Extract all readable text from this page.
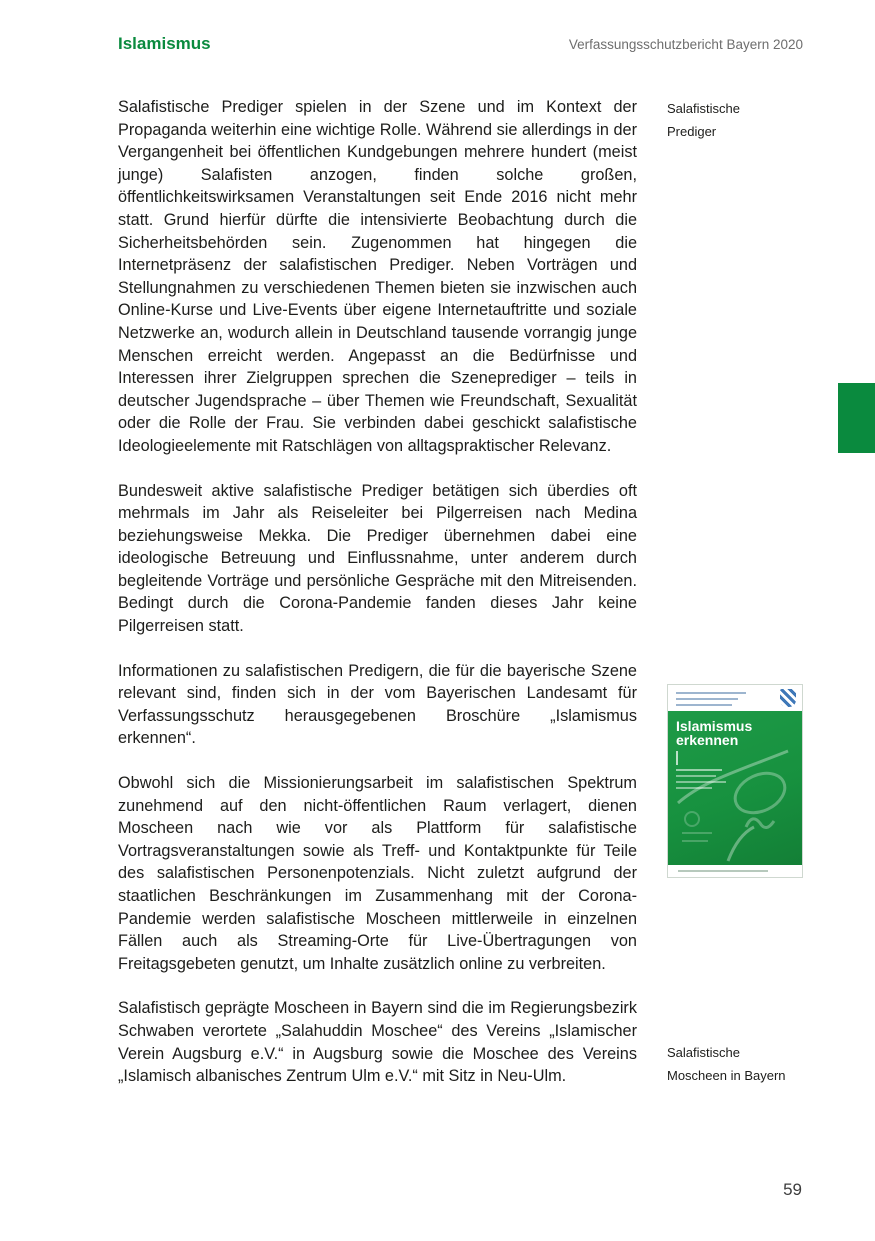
Islamismus	Verfassungsschutzbericht Bayern 2020

Salafistische Prediger spielen in der Szene und im Kontext der Propaganda weiterhin eine wichtige Rolle. Während sie allerdings in der Vergangenheit bei öffentlichen Kundgebungen mehrere hundert (meist junge) Salafisten anzogen, finden solche großen, öffentlichkeitswirksamen Veranstaltungen seit Ende 2016 nicht mehr statt. Grund hierfür dürfte die intensivierte Beobachtung durch die Sicherheitsbehörden sein. Zugenommen hat hingegen die Internetpräsenz der salafistischen Prediger. Neben Vorträgen und Stellungnahmen zu verschiedenen Themen bieten sie inzwischen auch Online-Kurse und Live-Events über eigene Internetauftritte und soziale Netzwerke an, wodurch allein in Deutschland tausende vorrangig junge Menschen erreicht werden. Angepasst an die Bedürfnisse und Interessen ihrer Zielgruppen sprechen die Szeneprediger – teils in deutscher Jugendsprache – über Themen wie Freundschaft, Sexualität oder die Rolle der Frau. Sie verbinden dabei geschickt salafistische Ideologieelemente mit Ratschlägen von alltagspraktischer Relevanz.

Bundesweit aktive salafistische Prediger betätigen sich überdies oft mehrmals im Jahr als Reiseleiter bei Pilgerreisen nach Medina beziehungsweise Mekka. Die Prediger übernehmen dabei eine ideologische Betreuung und Einflussnahme, unter anderem durch begleitende Vorträge und persönliche Gespräche mit den Mitreisenden. Bedingt durch die Corona-Pandemie fanden dieses Jahr keine Pilgerreisen statt.

Informationen zu salafistischen Predigern, die für die bayerische Szene relevant sind, finden sich in der vom Bayerischen Landesamt für Verfassungsschutz herausgegebenen Broschüre „Islamismus erkennen“.

Obwohl sich die Missionierungsarbeit im salafistischen Spektrum zunehmend auf den nicht-öffentlichen Raum verlagert, dienen Moscheen nach wie vor als Plattform für salafistische Vortragsveranstaltungen sowie als Treff- und Kontaktpunkte für Teile des salafistischen Personenpotenzials. Nicht zuletzt aufgrund der staatlichen Beschränkungen im Zusammenhang mit der Corona-Pandemie werden salafistische Moscheen mittlerweile in einzelnen Fällen auch als Streaming-Orte für Live-Übertragungen von Freitagsgebeten genutzt, um Inhalte zusätzlich online zu verbreiten.

Salafistisch geprägte Moscheen in Bayern sind die im Regierungsbezirk Schwaben verortete „Salahuddin Moschee“ des Vereins „Islamischer Verein Augsburg e.V.“ in Augsburg sowie die Moschee des Vereins „Islamisch albanisches Zentrum Ulm e.V.“ mit Sitz in Neu-Ulm.

Salafistische
Prediger
Salafistische
Moscheen in Bayern
Islamismus
erkennen
59
